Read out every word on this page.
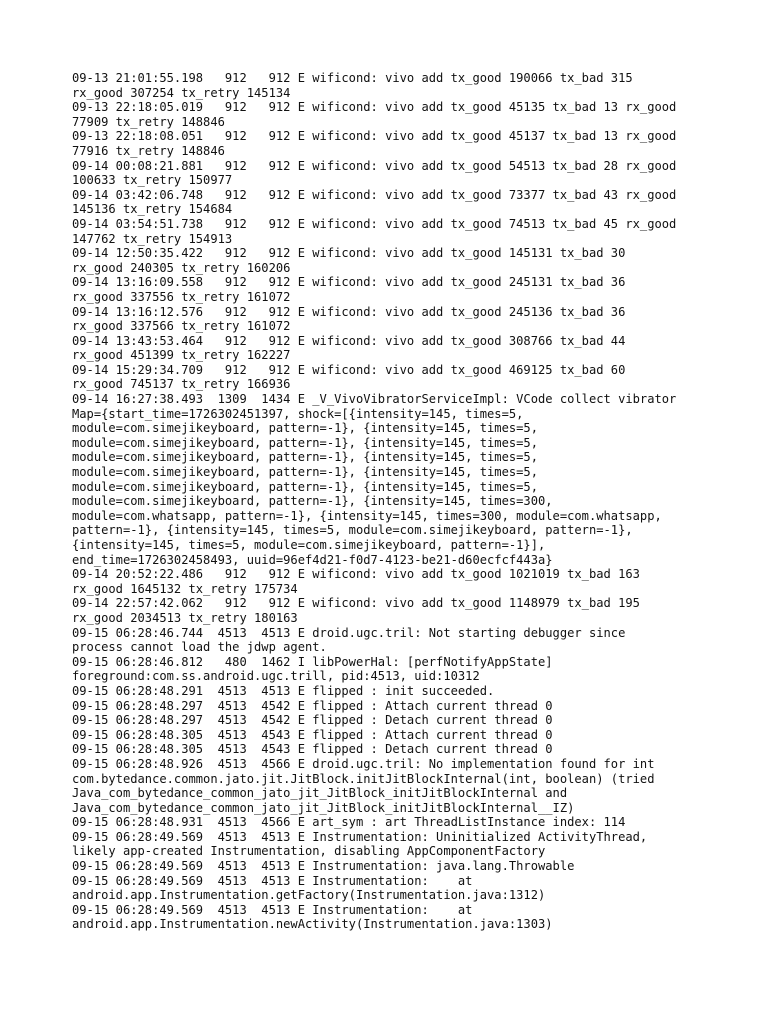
09-13 21:01:55.198   912   912 E wificond: vivo add tx_good 190066 tx_bad 315
rx_good 307254 tx_retry 145134
09-13 22:18:05.019   912   912 E wificond: vivo add tx_good 45135 tx_bad 13 rx_good
77909 tx_retry 148846
09-13 22:18:08.051   912   912 E wificond: vivo add tx_good 45137 tx_bad 13 rx_good
77916 tx_retry 148846
09-14 00:08:21.881   912   912 E wificond: vivo add tx_good 54513 tx_bad 28 rx_good
100633 tx_retry 150977
09-14 03:42:06.748   912   912 E wificond: vivo add tx_good 73377 tx_bad 43 rx_good
145136 tx_retry 154684
09-14 03:54:51.738   912   912 E wificond: vivo add tx_good 74513 tx_bad 45 rx_good
147762 tx_retry 154913
09-14 12:50:35.422   912   912 E wificond: vivo add tx_good 145131 tx_bad 30
rx_good 240305 tx_retry 160206
09-14 13:16:09.558   912   912 E wificond: vivo add tx_good 245131 tx_bad 36
rx_good 337556 tx_retry 161072
09-14 13:16:12.576   912   912 E wificond: vivo add tx_good 245136 tx_bad 36
rx_good 337566 tx_retry 161072
09-14 13:43:53.464   912   912 E wificond: vivo add tx_good 308766 tx_bad 44
rx_good 451399 tx_retry 162227
09-14 15:29:34.709   912   912 E wificond: vivo add tx_good 469125 tx_bad 60
rx_good 745137 tx_retry 166936
09-14 16:27:38.493  1309  1434 E _V_VivoVibratorServiceImpl: VCode collect vibrator
Map={start_time=1726302451397, shock=[{intensity=145, times=5,
module=com.simejikeyboard, pattern=-1}, {intensity=145, times=5,
module=com.simejikeyboard, pattern=-1}, {intensity=145, times=5,
module=com.simejikeyboard, pattern=-1}, {intensity=145, times=5,
module=com.simejikeyboard, pattern=-1}, {intensity=145, times=5,
module=com.simejikeyboard, pattern=-1}, {intensity=145, times=5,
module=com.simejikeyboard, pattern=-1}, {intensity=145, times=300,
module=com.whatsapp, pattern=-1}, {intensity=145, times=300, module=com.whatsapp,
pattern=-1}, {intensity=145, times=5, module=com.simejikeyboard, pattern=-1},
{intensity=145, times=5, module=com.simejikeyboard, pattern=-1}],
end_time=1726302458493, uuid=96ef4d21-f0d7-4123-be21-d60ecfcf443a}
09-14 20:52:22.486   912   912 E wificond: vivo add tx_good 1021019 tx_bad 163
rx_good 1645132 tx_retry 175734
09-14 22:57:42.062   912   912 E wificond: vivo add tx_good 1148979 tx_bad 195
rx_good 2034513 tx_retry 180163
09-15 06:28:46.744  4513  4513 E droid.ugc.tril: Not starting debugger since
process cannot load the jdwp agent.
09-15 06:28:46.812   480  1462 I libPowerHal: [perfNotifyAppState]
foreground:com.ss.android.ugc.trill, pid:4513, uid:10312
09-15 06:28:48.291  4513  4513 E flipped : init succeeded.
09-15 06:28:48.297  4513  4542 E flipped : Attach current thread 0
09-15 06:28:48.297  4513  4542 E flipped : Detach current thread 0
09-15 06:28:48.305  4513  4543 E flipped : Attach current thread 0
09-15 06:28:48.305  4513  4543 E flipped : Detach current thread 0
09-15 06:28:48.926  4513  4566 E droid.ugc.tril: No implementation found for int
com.bytedance.common.jato.jit.JitBlock.initJitBlockInternal(int, boolean) (tried
Java_com_bytedance_common_jato_jit_JitBlock_initJitBlockInternal and
Java_com_bytedance_common_jato_jit_JitBlock_initJitBlockInternal__IZ)
09-15 06:28:48.931  4513  4566 E art_sym : art ThreadListInstance index: 114
09-15 06:28:49.569  4513  4513 E Instrumentation: Uninitialized ActivityThread,
likely app-created Instrumentation, disabling AppComponentFactory
09-15 06:28:49.569  4513  4513 E Instrumentation: java.lang.Throwable
09-15 06:28:49.569  4513  4513 E Instrumentation:    at
android.app.Instrumentation.getFactory(Instrumentation.java:1312)
09-15 06:28:49.569  4513  4513 E Instrumentation:    at
android.app.Instrumentation.newActivity(Instrumentation.java:1303)
